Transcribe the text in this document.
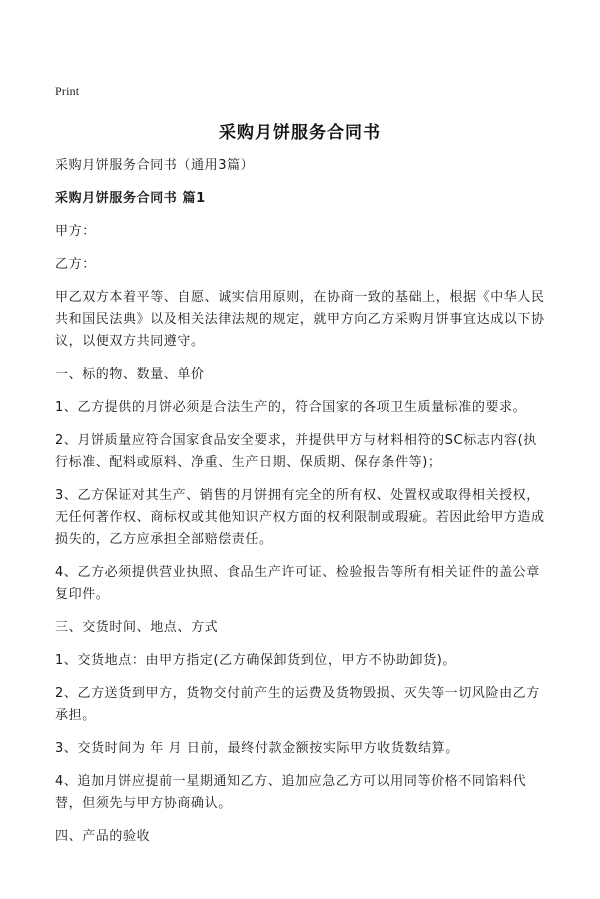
Print
采购月饼服务合同书

采购月饼服务合同书（通用3篇）

采购月饼服务合同书 篇1

甲方：

乙方：

甲乙双方本着平等、自愿、诚实信用原则，在协商一致的基础上，根据《中华人民共和国民法典》以及相关法律法规的规定，就甲方向乙方采购月饼事宜达成以下协议，以便双方共同遵守。

一、标的物、数量、单价

1、乙方提供的月饼必须是合法生产的，符合国家的各项卫生质量标准的要求。

2、月饼质量应符合国家食品安全要求，并提供甲方与材料相符的SC标志内容(执行标准、配料或原料、净重、生产日期、保质期、保存条件等)；

3、乙方保证对其生产、销售的月饼拥有完全的所有权、处置权或取得相关授权，无任何著作权、商标权或其他知识产权方面的权利限制或瑕疵。若因此给甲方造成损失的，乙方应承担全部赔偿责任。

4、乙方必须提供营业执照、食品生产许可证、检验报告等所有相关证件的盖公章复印件。

三、交货时间、地点、方式

1、交货地点：由甲方指定(乙方确保卸货到位，甲方不协助卸货)。

2、乙方送货到甲方，货物交付前产生的运费及货物毁损、灭失等一切风险由乙方承担。

3、交货时间为 年 月 日前，最终付款金额按实际甲方收货数结算。

4、追加月饼应提前一星期通知乙方、追加应急乙方可以用同等价格不同馅料代替，但须先与甲方协商确认。

四、产品的验收
